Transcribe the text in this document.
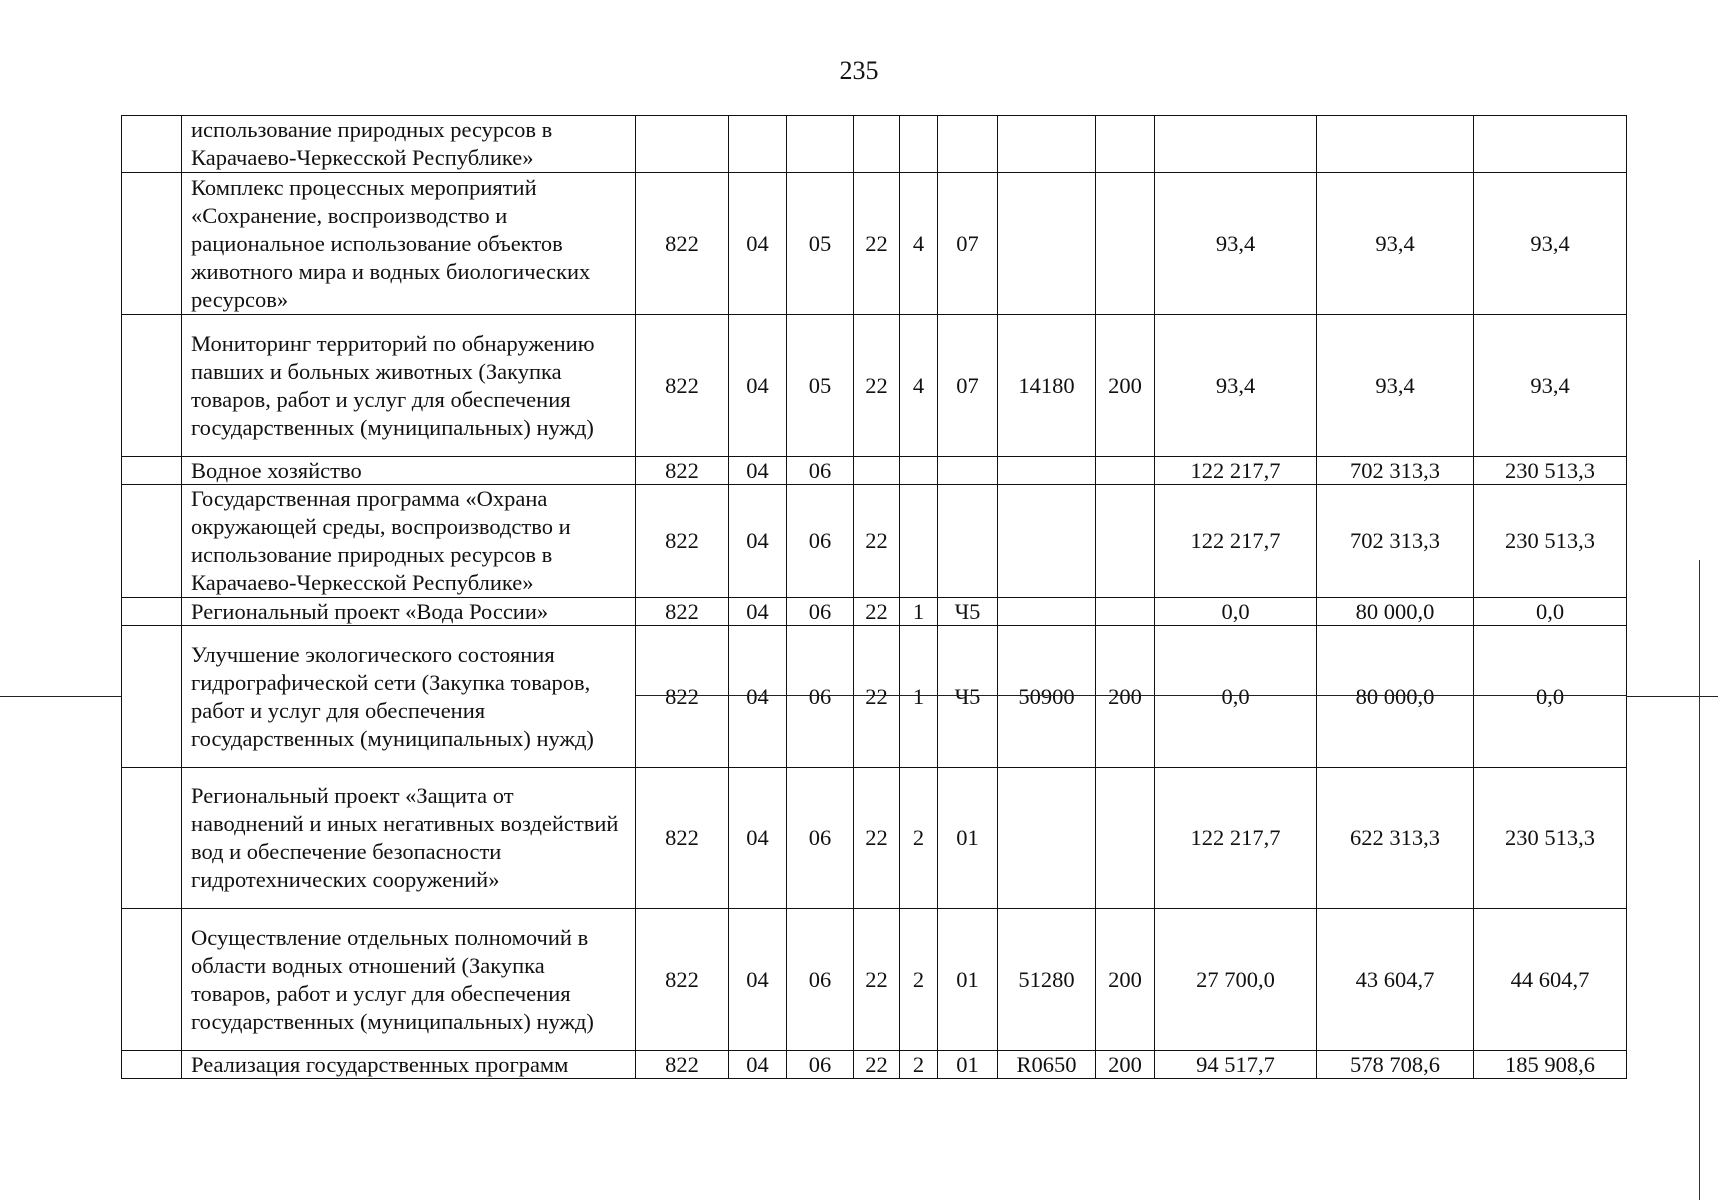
235
	использование природных ресурсов в Карачаево-Черкесской Республике»											
	Комплекс процессных мероприятий «Сохранение, воспроизводство и рациональное использование объектов животного мира и водных биологических ресурсов»	822	04	05	22	4	07			93,4	93,4	93,4
	Мониторинг территорий по обнаружению павших и больных животных (Закупка товаров, работ и услуг для обеспечения государственных (муниципальных) нужд)	822	04	05	22	4	07	14180	200	93,4	93,4	93,4
	Водное хозяйство	822	04	06						122 217,7	702 313,3	230 513,3
	Государственная программа «Охрана окружающей среды, воспроизводство и использование природных ресурсов в Карачаево-Черкесской Республике»	822	04	06	22					122 217,7	702 313,3	230 513,3
	Региональный проект «Вода России»	822	04	06	22	1	Ч5			0,0	80 000,0	0,0
	Улучшение экологического состояния гидрографической сети (Закупка товаров, работ и услуг для обеспечения государственных (муниципальных) нужд)	822	04	06	22	1	Ч5	50900	200	0,0	80 000,0	0,0
	Региональный проект «Защита от наводнений и иных негативных воздействий вод и обеспечение безопасности гидротехнических сооружений»	822	04	06	22	2	01			122 217,7	622 313,3	230 513,3
	Осуществление отдельных полномочий в области водных отношений (Закупка товаров, работ и услуг для обеспечения государственных (муниципальных) нужд)	822	04	06	22	2	01	51280	200	27 700,0	43 604,7	44 604,7
	Реализация государственных программ	822	04	06	22	2	01	R0650	200	94 517,7	578 708,6	185 908,6
